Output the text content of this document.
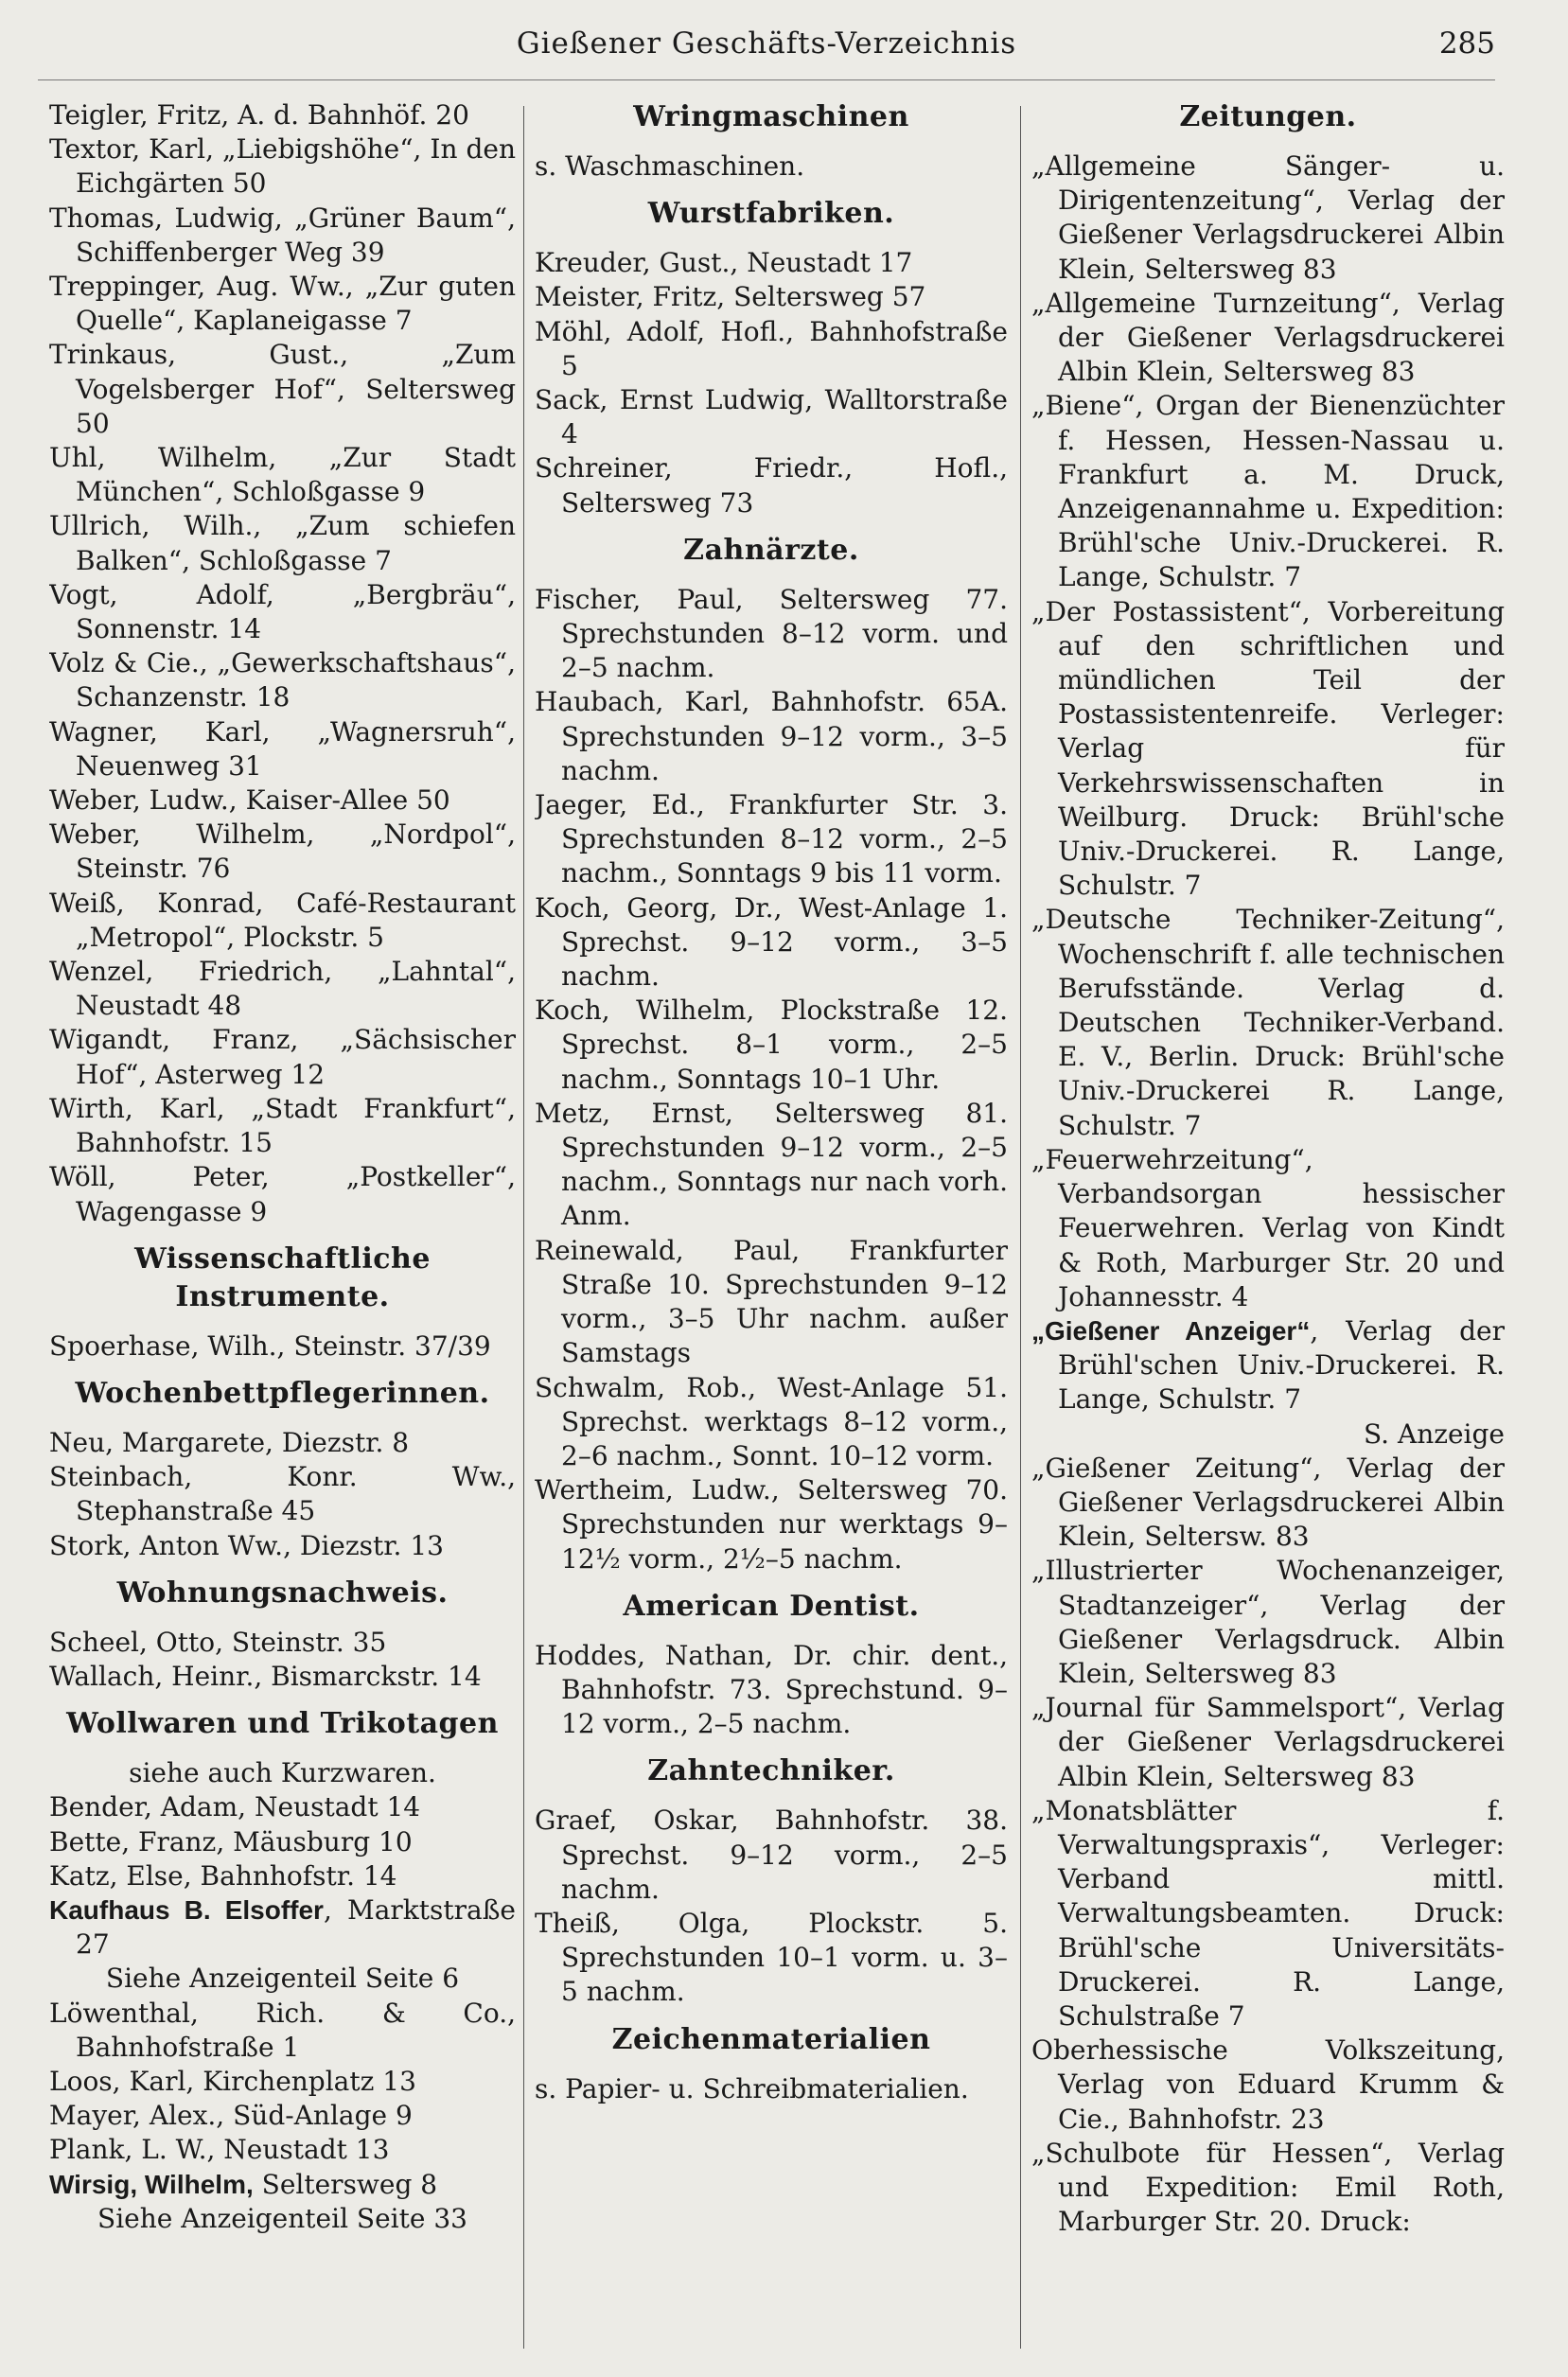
Gießener Geschäfts-Verzeichnis	285

Teigler, Fritz, A. d. Bahnhöf. 20

Textor, Karl, „Liebigshöhe“, In den Eichgärten 50

Thomas, Ludwig, „Grüner Baum“, Schiffenberger Weg 39

Treppinger, Aug. Ww., „Zur guten Quelle“, Kaplaneigasse 7

Trinkaus, Gust., „Zum Vogelsberger Hof“, Seltersweg 50

Uhl, Wilhelm, „Zur Stadt München“, Schloßgasse 9

Ullrich, Wilh., „Zum schiefen Balken“, Schloßgasse 7

Vogt, Adolf, „Bergbräu“, Sonnenstr. 14

Volz & Cie., „Gewerkschaftshaus“, Schanzenstr. 18

Wagner, Karl, „Wagnersruh“, Neuenweg 31

Weber, Ludw., Kaiser-Allee 50

Weber, Wilhelm, „Nordpol“, Steinstr. 76

Weiß, Konrad, Café-Restaurant „Metropol“, Plockstr. 5

Wenzel, Friedrich, „Lahntal“, Neustadt 48

Wigandt, Franz, „Sächsischer Hof“, Asterweg 12

Wirth, Karl, „Stadt Frankfurt“, Bahnhofstr. 15

Wöll, Peter, „Postkeller“, Wagengasse 9

Wissenschaftliche Instrumente.

Spoerhase, Wilh., Steinstr. 37/39

Wochenbettpflegerinnen.

Neu, Margarete, Diezstr. 8

Steinbach, Konr. Ww., Stephanstraße 45

Stork, Anton Ww., Diezstr. 13

Wohnungsnachweis.

Scheel, Otto, Steinstr. 35

Wallach, Heinr., Bismarckstr. 14

Wollwaren und Trikotagen

siehe auch Kurzwaren.

Bender, Adam, Neustadt 14

Bette, Franz, Mäusburg 10

Katz, Else, Bahnhofstr. 14

Kaufhaus B. Elsoffer, Marktstraße 27

Siehe Anzeigenteil Seite 6

Löwenthal, Rich. & Co., Bahnhofstraße 1

Loos, Karl, Kirchenplatz 13

Mayer, Alex., Süd-Anlage 9

Plank, L. W., Neustadt 13

Wirsig, Wilhelm, Seltersweg 8

Siehe Anzeigenteil Seite 33

Wringmaschinen

s. Waschmaschinen.

Wurstfabriken.

Kreuder, Gust., Neustadt 17

Meister, Fritz, Seltersweg 57

Möhl, Adolf, Hofl., Bahnhofstraße 5

Sack, Ernst Ludwig, Walltorstraße 4

Schreiner, Friedr., Hofl., Seltersweg 73

Zahnärzte.

Fischer, Paul, Seltersweg 77. Sprechstunden 8–12 vorm. und 2–5 nachm.

Haubach, Karl, Bahnhofstr. 65A. Sprechstunden 9–12 vorm., 3–5 nachm.

Jaeger, Ed., Frankfurter Str. 3. Sprechstunden 8–12 vorm., 2–5 nachm., Sonntags 9 bis 11 vorm.

Koch, Georg, Dr., West-Anlage 1. Sprechst. 9–12 vorm., 3–5 nachm.

Koch, Wilhelm, Plockstraße 12. Sprechst. 8–1 vorm., 2–5 nachm., Sonntags 10–1 Uhr.

Metz, Ernst, Seltersweg 81. Sprechstunden 9–12 vorm., 2–5 nachm., Sonntags nur nach vorh. Anm.

Reinewald, Paul, Frankfurter Straße 10. Sprechstunden 9–12 vorm., 3–5 Uhr nachm. außer Samstags

Schwalm, Rob., West-Anlage 51. Sprechst. werktags 8–12 vorm., 2–6 nachm., Sonnt. 10–12 vorm.

Wertheim, Ludw., Seltersweg 70. Sprechstunden nur werktags 9–12½ vorm., 2½–5 nachm.

American Dentist.

Hoddes, Nathan, Dr. chir. dent., Bahnhofstr. 73. Sprechstund. 9–12 vorm., 2–5 nachm.

Zahntechniker.

Graef, Oskar, Bahnhofstr. 38. Sprechst. 9–12 vorm., 2–5 nachm.

Theiß, Olga, Plockstr. 5. Sprechstunden 10–1 vorm. u. 3–5 nachm.

Zeichenmaterialien

s. Papier- u. Schreibmaterialien.

Zeitungen.

„Allgemeine Sänger- u. Dirigentenzeitung“, Verlag der Gießener Verlagsdruckerei Albin Klein, Seltersweg 83

„Allgemeine Turnzeitung“, Verlag der Gießener Verlagsdruckerei Albin Klein, Seltersweg 83

„Biene“, Organ der Bienenzüchter f. Hessen, Hessen-Nassau u. Frankfurt a. M. Druck, Anzeigenannahme u. Expedition: Brühl'sche Univ.-Druckerei. R. Lange, Schulstr. 7

„Der Postassistent“, Vorbereitung auf den schriftlichen und mündlichen Teil der Postassistentenreife. Verleger: Verlag für Verkehrswissenschaften in Weilburg. Druck: Brühl'sche Univ.-Druckerei. R. Lange, Schulstr. 7

„Deutsche Techniker-Zeitung“, Wochenschrift f. alle technischen Berufsstände. Verlag d. Deutschen Techniker-Verband. E. V., Berlin. Druck: Brühl'sche Univ.-Druckerei R. Lange, Schulstr. 7

„Feuerwehrzeitung“, Verbandsorgan hessischer Feuerwehren. Verlag von Kindt & Roth, Marburger Str. 20 und Johannesstr. 4

„Gießener Anzeiger“, Verlag der Brühl'schen Univ.-Druckerei. R. Lange, Schulstr. 7

S. Anzeige

„Gießener Zeitung“, Verlag der Gießener Verlagsdruckerei Albin Klein, Seltersw. 83

„Illustrierter Wochenanzeiger, Stadtanzeiger“, Verlag der Gießener Verlagsdruck. Albin Klein, Seltersweg 83

„Journal für Sammelsport“, Verlag der Gießener Verlagsdruckerei Albin Klein, Seltersweg 83

„Monatsblätter f. Verwaltungspraxis“, Verleger: Verband mittl. Verwaltungsbeamten. Druck: Brühl'sche Universitäts-Druckerei. R. Lange, Schulstraße 7

Oberhessische Volkszeitung, Verlag von Eduard Krumm & Cie., Bahnhofstr. 23

„Schulbote für Hessen“, Verlag und Expedition: Emil Roth, Marburger Str. 20. Druck:
